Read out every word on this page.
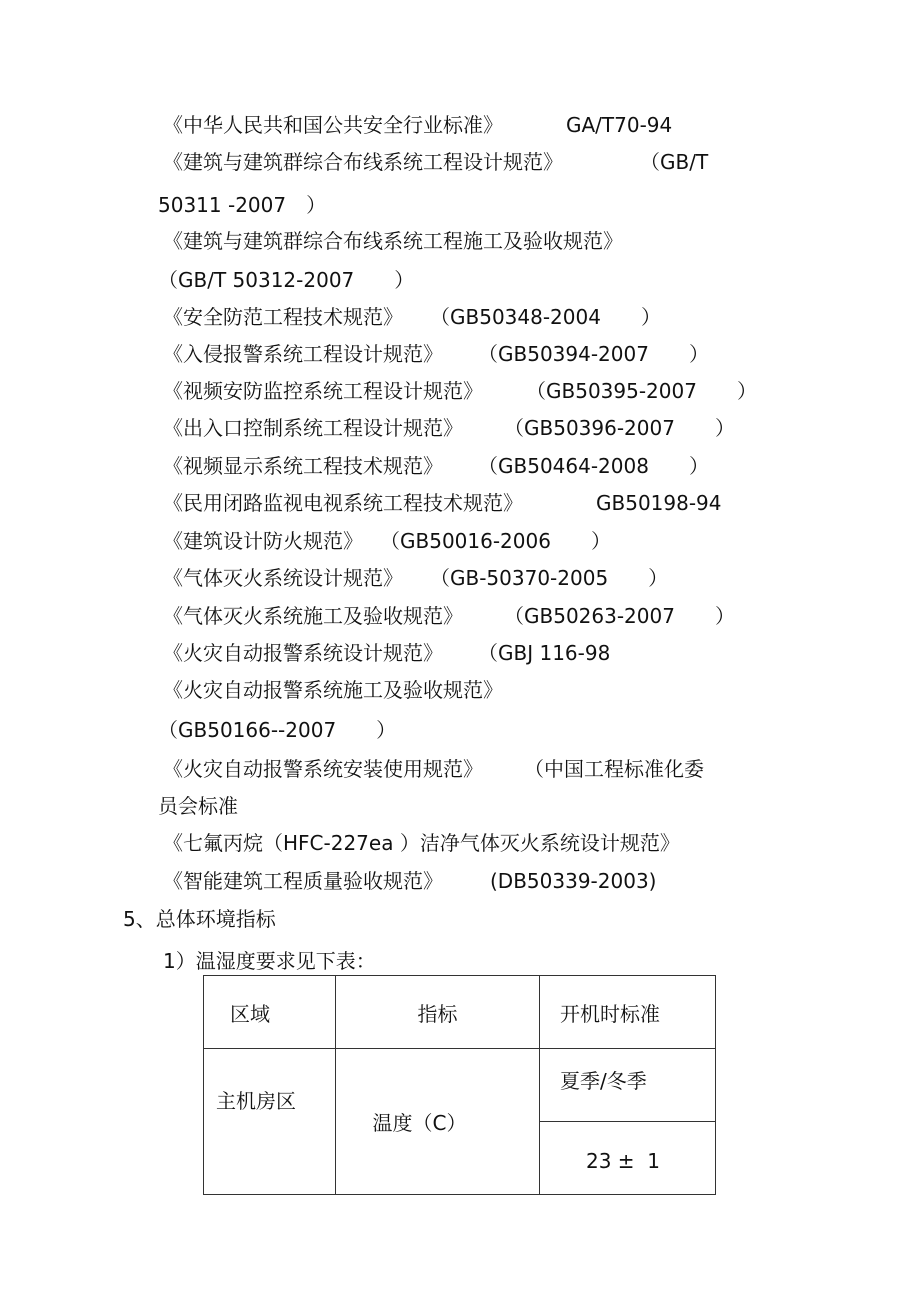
《中华人民共和国公共安全行业标准》	GA/T70-94
《建筑与建筑群综合布线系统工程设计规范》	（GB/T
50311 -2007　）
《建筑与建筑群综合布线系统工程施工及验收规范》
（GB/T 50312-2007　　）
《安全防范工程技术规范》 （GB50348-2004　　）
《入侵报警系统工程设计规范》 （GB50394-2007　　）
《视频安防监控系统工程设计规范》 （GB50395-2007　　）
《出入口控制系统工程设计规范》 （GB50396-2007　　）
《视频显示系统工程技术规范》 （GB50464-2008　　）
《民用闭路监视电视系统工程技术规范》	GB50198-94
《建筑设计防火规范》 （GB50016-2006　　）
《气体灭火系统设计规范》 （GB-50370-2005　　）
《气体灭火系统施工及验收规范》 （GB50263-2007　　）
《火灾自动报警系统设计规范》 （GBJ 116-98
《火灾自动报警系统施工及验收规范》
（GB50166--2007　　）
《火灾自动报警系统安装使用规范》 （中国工程标准化委
员会标准
《七氟丙烷（HFC-227ea ）洁净气体灭火系统设计规范》
《智能建筑工程质量验收规范》 (DB50339-2003)
5、总体环境指标
1）温湿度要求见下表：
区域	指标	开机时标准

主机房区	温度（C）	夏季/冬季

		23 ±  1
